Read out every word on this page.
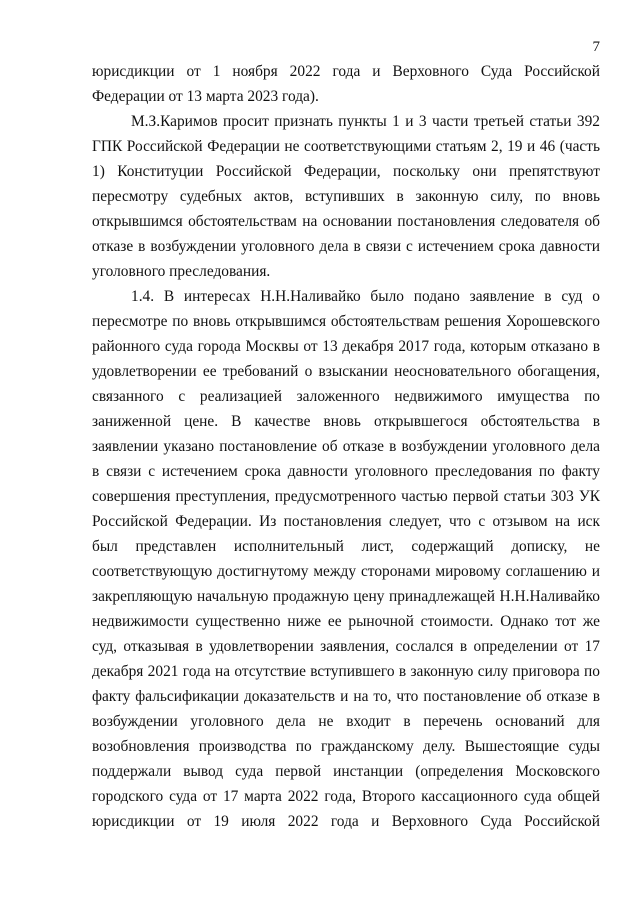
7
юрисдикции от 1 ноября 2022 года и Верховного Суда Российской
Федерации от 13 марта 2023 года).
М.З.Каримов просит признать пункты 1 и 3 части третьей статьи 392
ГПК Российской Федерации не соответствующими статьям 2, 19 и 46 (часть
1) Конституции Российской Федерации, поскольку они препятствуют
пересмотру судебных актов, вступивших в законную силу, по вновь
открывшимся обстоятельствам на основании постановления следователя об
отказе в возбуждении уголовного дела в связи с истечением срока давности
уголовного преследования.
1.4. В интересах Н.Н.Наливайко было подано заявление в суд о
пересмотре по вновь открывшимся обстоятельствам решения Хорошевского
районного суда города Москвы от 13 декабря 2017 года, которым отказано в
удовлетворении ее требований о взыскании неосновательного обогащения,
связанного с реализацией заложенного недвижимого имущества по
заниженной цене. В качестве вновь открывшегося обстоятельства в
заявлении указано постановление об отказе в возбуждении уголовного дела
в связи с истечением срока давности уголовного преследования по факту
совершения преступления, предусмотренного частью первой статьи 303 УК
Российской Федерации. Из постановления следует, что с отзывом на иск
был представлен исполнительный лист, содержащий дописку, не
соответствующую достигнутому между сторонами мировому соглашению и
закрепляющую начальную продажную цену принадлежащей Н.Н.Наливайко
недвижимости существенно ниже ее рыночной стоимости. Однако тот же
суд, отказывая в удовлетворении заявления, сослался в определении от 17
декабря 2021 года на отсутствие вступившего в законную силу приговора по
факту фальсификации доказательств и на то, что постановление об отказе в
возбуждении уголовного дела не входит в перечень оснований для
возобновления производства по гражданскому делу. Вышестоящие суды
поддержали вывод суда первой инстанции (определения Московского
городского суда от 17 марта 2022 года, Второго кассационного суда общей
юрисдикции от 19 июля 2022 года и Верховного Суда Российской
